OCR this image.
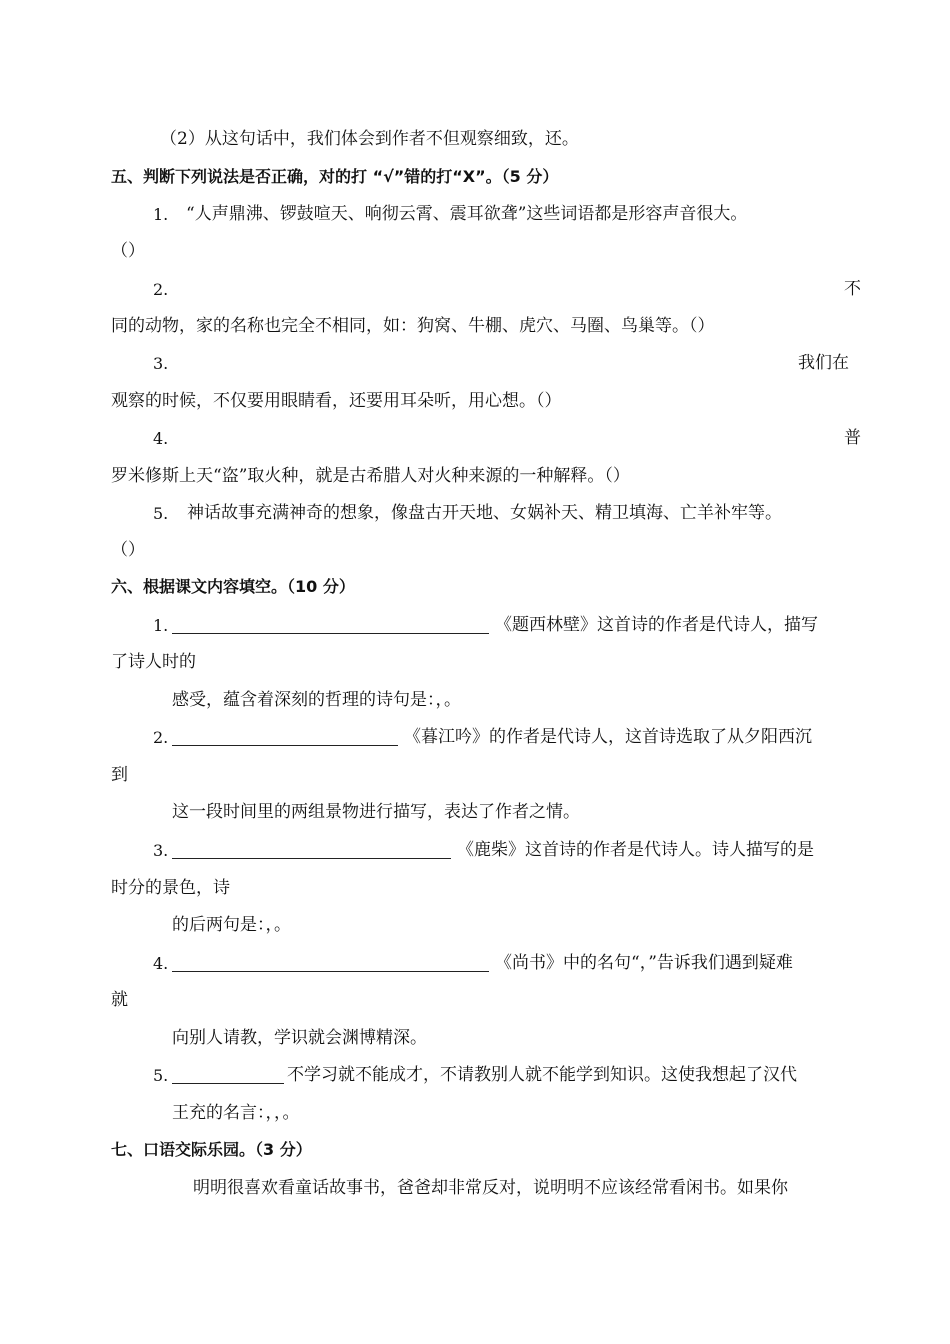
（2）从这句话中，我们体会到作者不但观察细致，还。
五、判断下列说法是否正确，对的打 “√”错的打“X”。（5 分）
1. “人声鼎沸、锣鼓喧天、响彻云霄、震耳欲聋”这些词语都是形容声音很大。
（）
2.	不
同的动物，家的名称也完全不相同，如：狗窝、牛棚、虎穴、马圈、鸟巢等。（）
3.	我们在
观察的时候，不仅要用眼睛看，还要用耳朵听，用心想。（）
4.	普
罗米修斯上天“盗”取火种，就是古希腊人对火种来源的一种解释。（）
5. 神话故事充满神奇的想象，像盘古开天地、女娲补天、精卫填海、亡羊补牢等。
（）
六、根据课文内容填空。（10 分）
1.	《题西林壁》这首诗的作者是代诗人，描写
了诗人时的
感受，蕴含着深刻的哲理的诗句是：，。
2.	《暮江吟》的作者是代诗人，这首诗选取了从夕阳西沉
到
这一段时间里的两组景物进行描写，表达了作者之情。
3.	《鹿柴》这首诗的作者是代诗人。诗人描写的是
时分的景色，诗
的后两句是：，。
4.	《尚书》中的名句“，”告诉我们遇到疑难
就
向别人请教，学识就会渊博精深。
5.	不学习就不能成才，不请教别人就不能学到知识。这使我想起了汉代
王充的名言：，，。
七、口语交际乐园。（3 分）
明明很喜欢看童话故事书，爸爸却非常反对，说明明不应该经常看闲书。如果你
